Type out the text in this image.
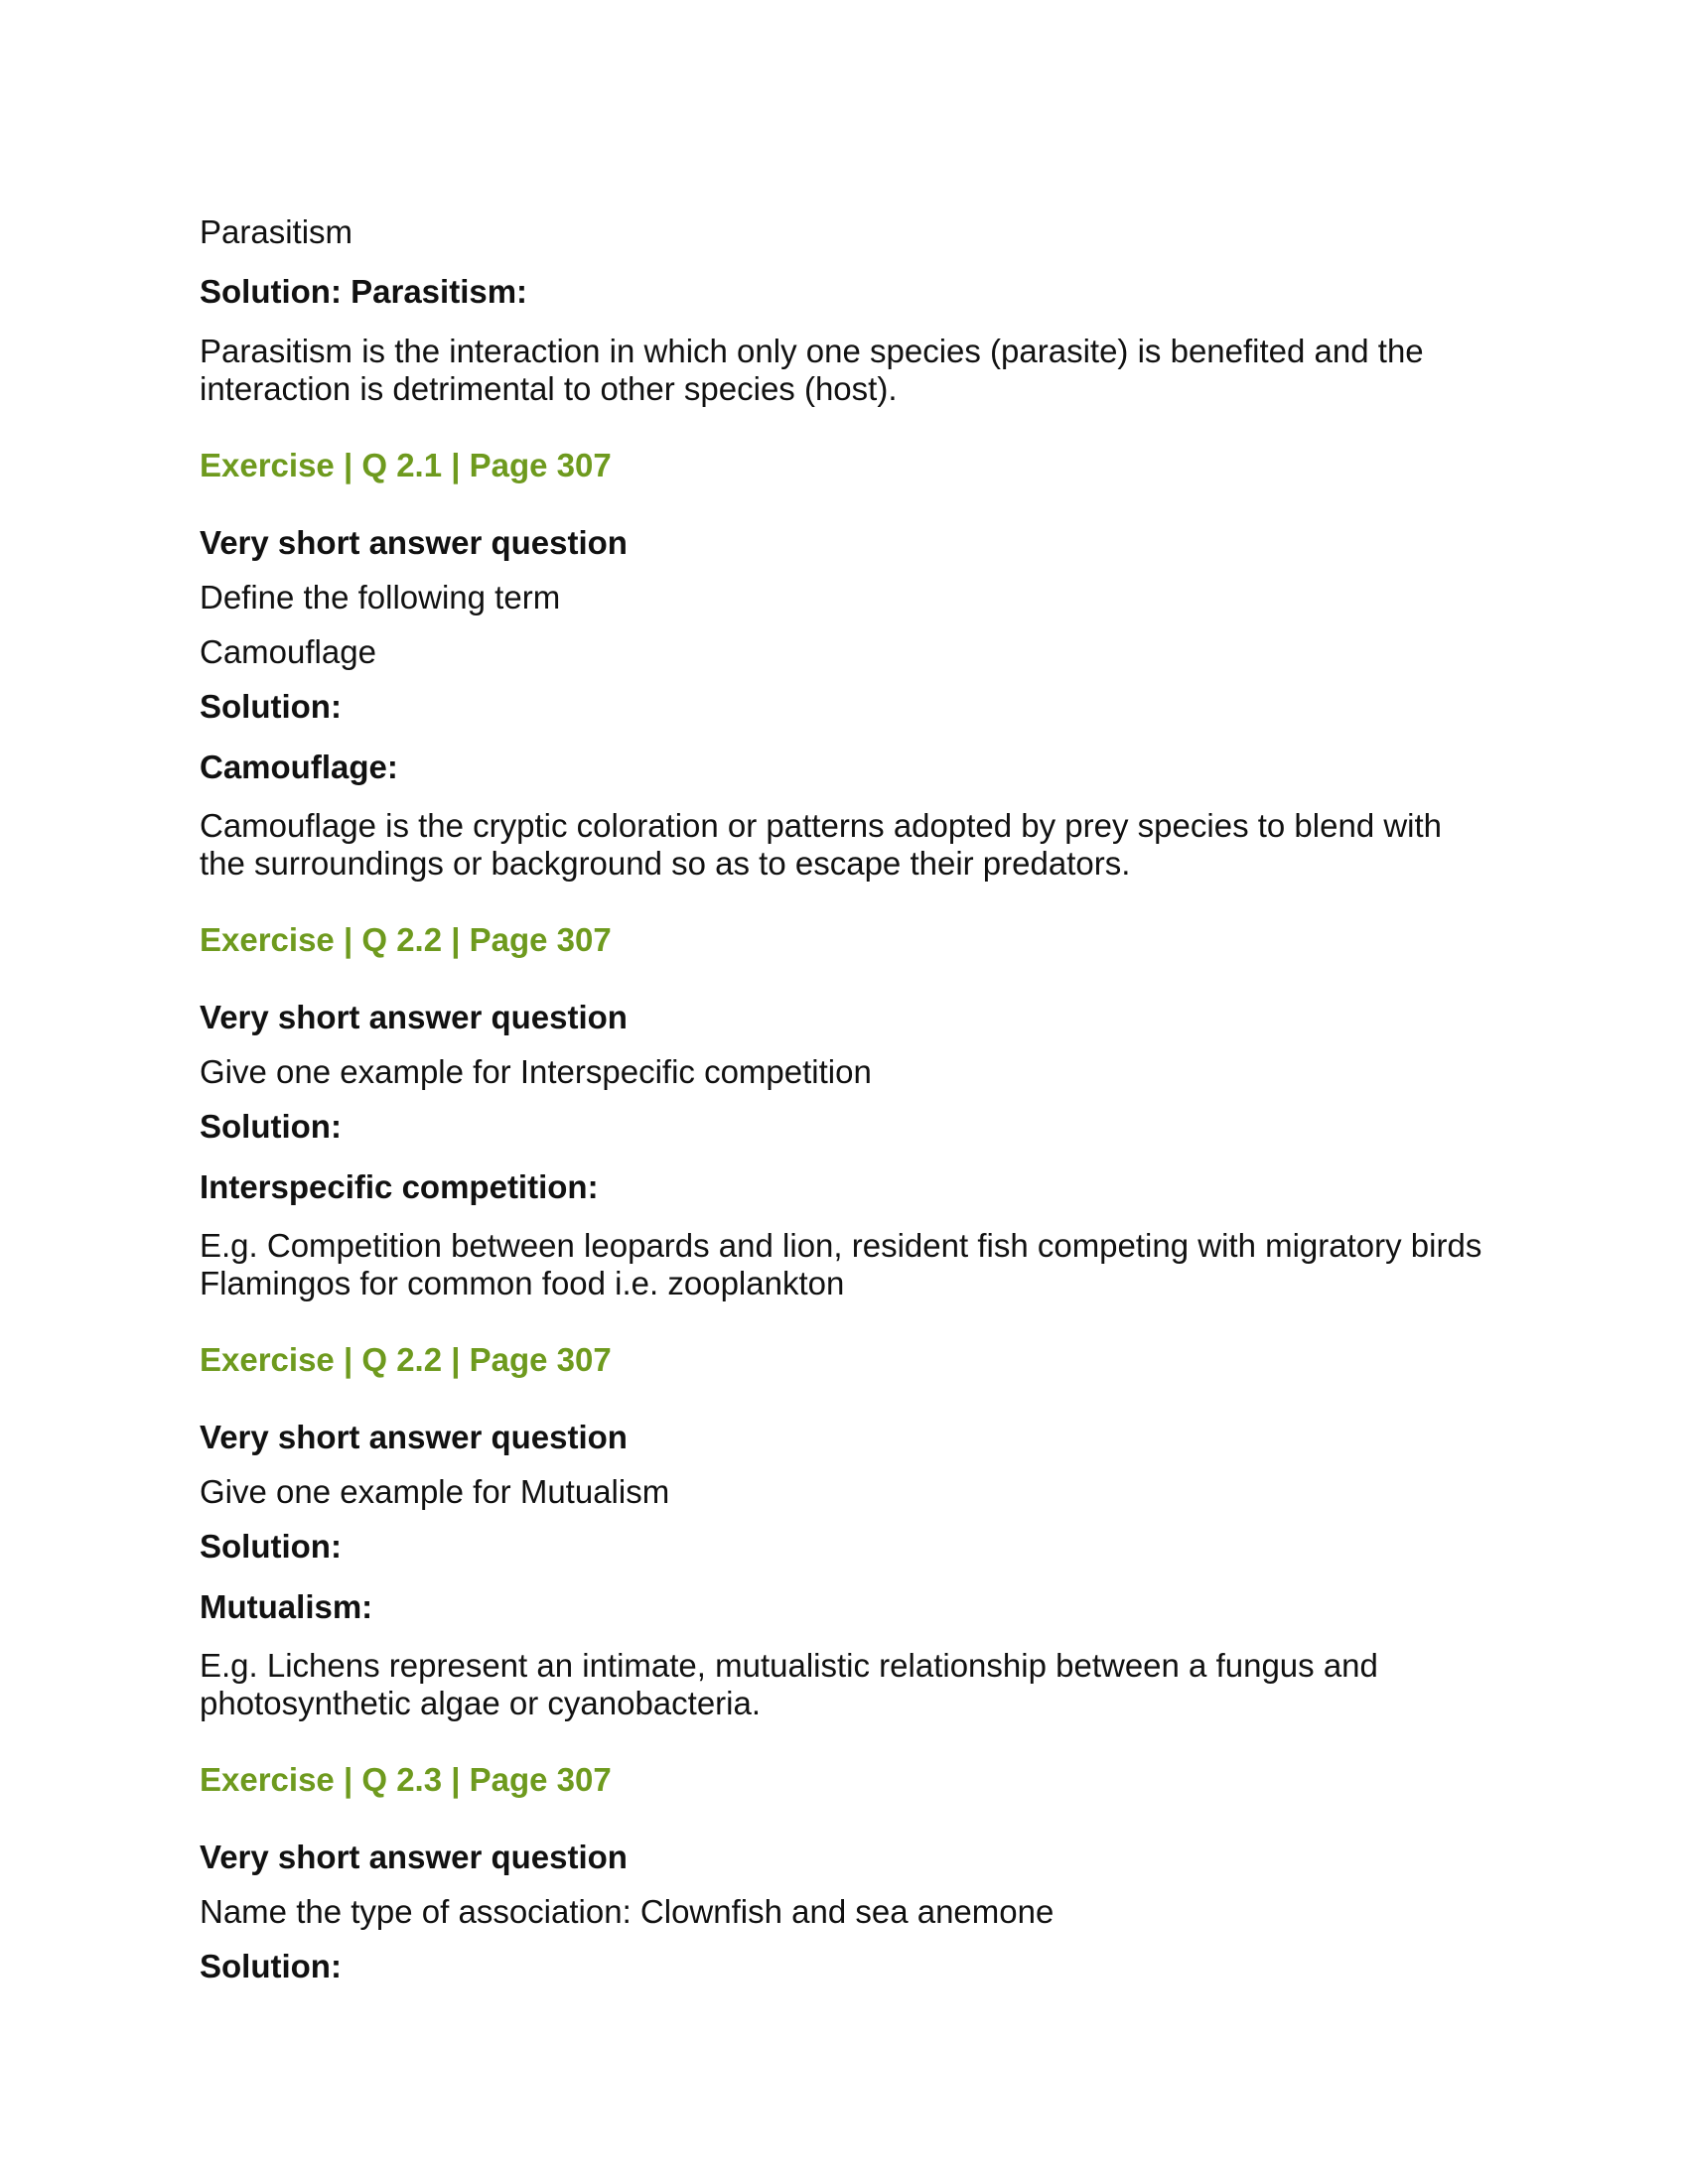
Parasitism

Solution: Parasitism:

Parasitism is the interaction in which only one species (parasite) is benefited and the interaction is detrimental to other species (host).

Exercise | Q 2.1 | Page 307

Very short answer question

Define the following term

Camouflage

Solution:

Camouflage:

Camouflage is the cryptic coloration or patterns adopted by prey species to blend with the surroundings or background so as to escape their predators.

Exercise | Q 2.2 | Page 307

Very short answer question

Give one example for Interspecific competition

Solution:

Interspecific competition:

E.g. Competition between leopards and lion, resident fish competing with migratory birds Flamingos for common food i.e. zooplankton

Exercise | Q 2.2 | Page 307

Very short answer question

Give one example for Mutualism

Solution:

Mutualism:

E.g. Lichens represent an intimate, mutualistic relationship between a fungus and photosynthetic algae or cyanobacteria.

Exercise | Q 2.3 | Page 307

Very short answer question

Name the type of association: Clownfish and sea anemone

Solution:
